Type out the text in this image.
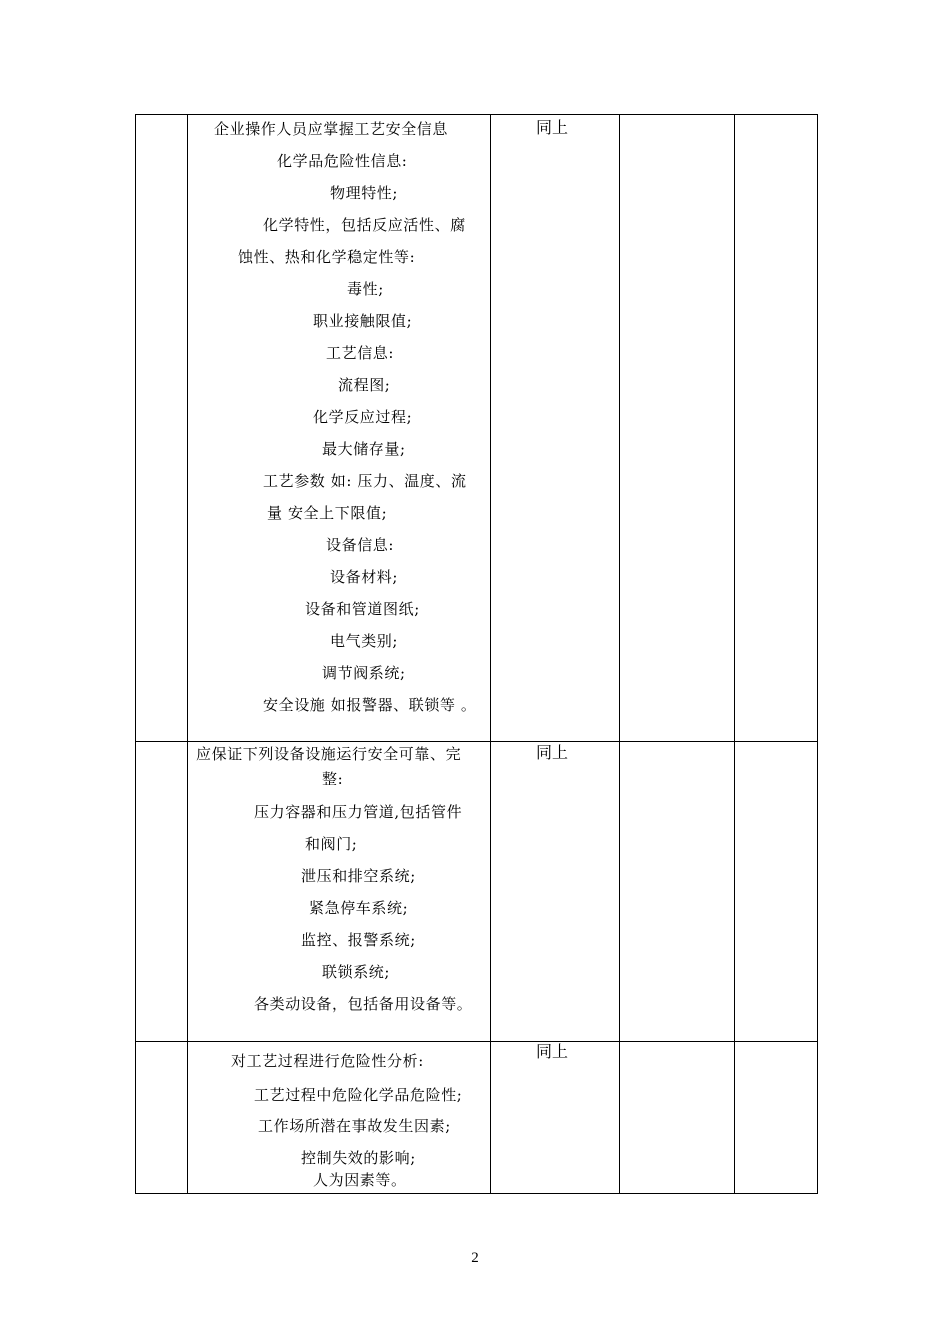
同上
企业操作人员应掌握工艺安全信息
化学品危险性信息:
物理特性;
化学特性，包括反应活性、腐
蚀性、热和化学稳定性等:
毒性;
职业接触限值;
工艺信息:
流程图;
化学反应过程;
最大储存量;
工艺参数 如: 压力、温度、流
量 安全上下限值;
设备信息:
设备材料;
设备和管道图纸;
电气类别;
调节阀系统;
安全设施 如报警器、联锁等 。
同上
应保证下列设备设施运行安全可靠、完
整:
压力容器和压力管道,包括管件
和阀门;
泄压和排空系统;
紧急停车系统;
监控、报警系统;
联锁系统;
各类动设备，包括备用设备等。
同上
对工艺过程进行危险性分析:
工艺过程中危险化学品危险性;
工作场所潜在事故发生因素;
控制失效的影响;
人为因素等。
2
